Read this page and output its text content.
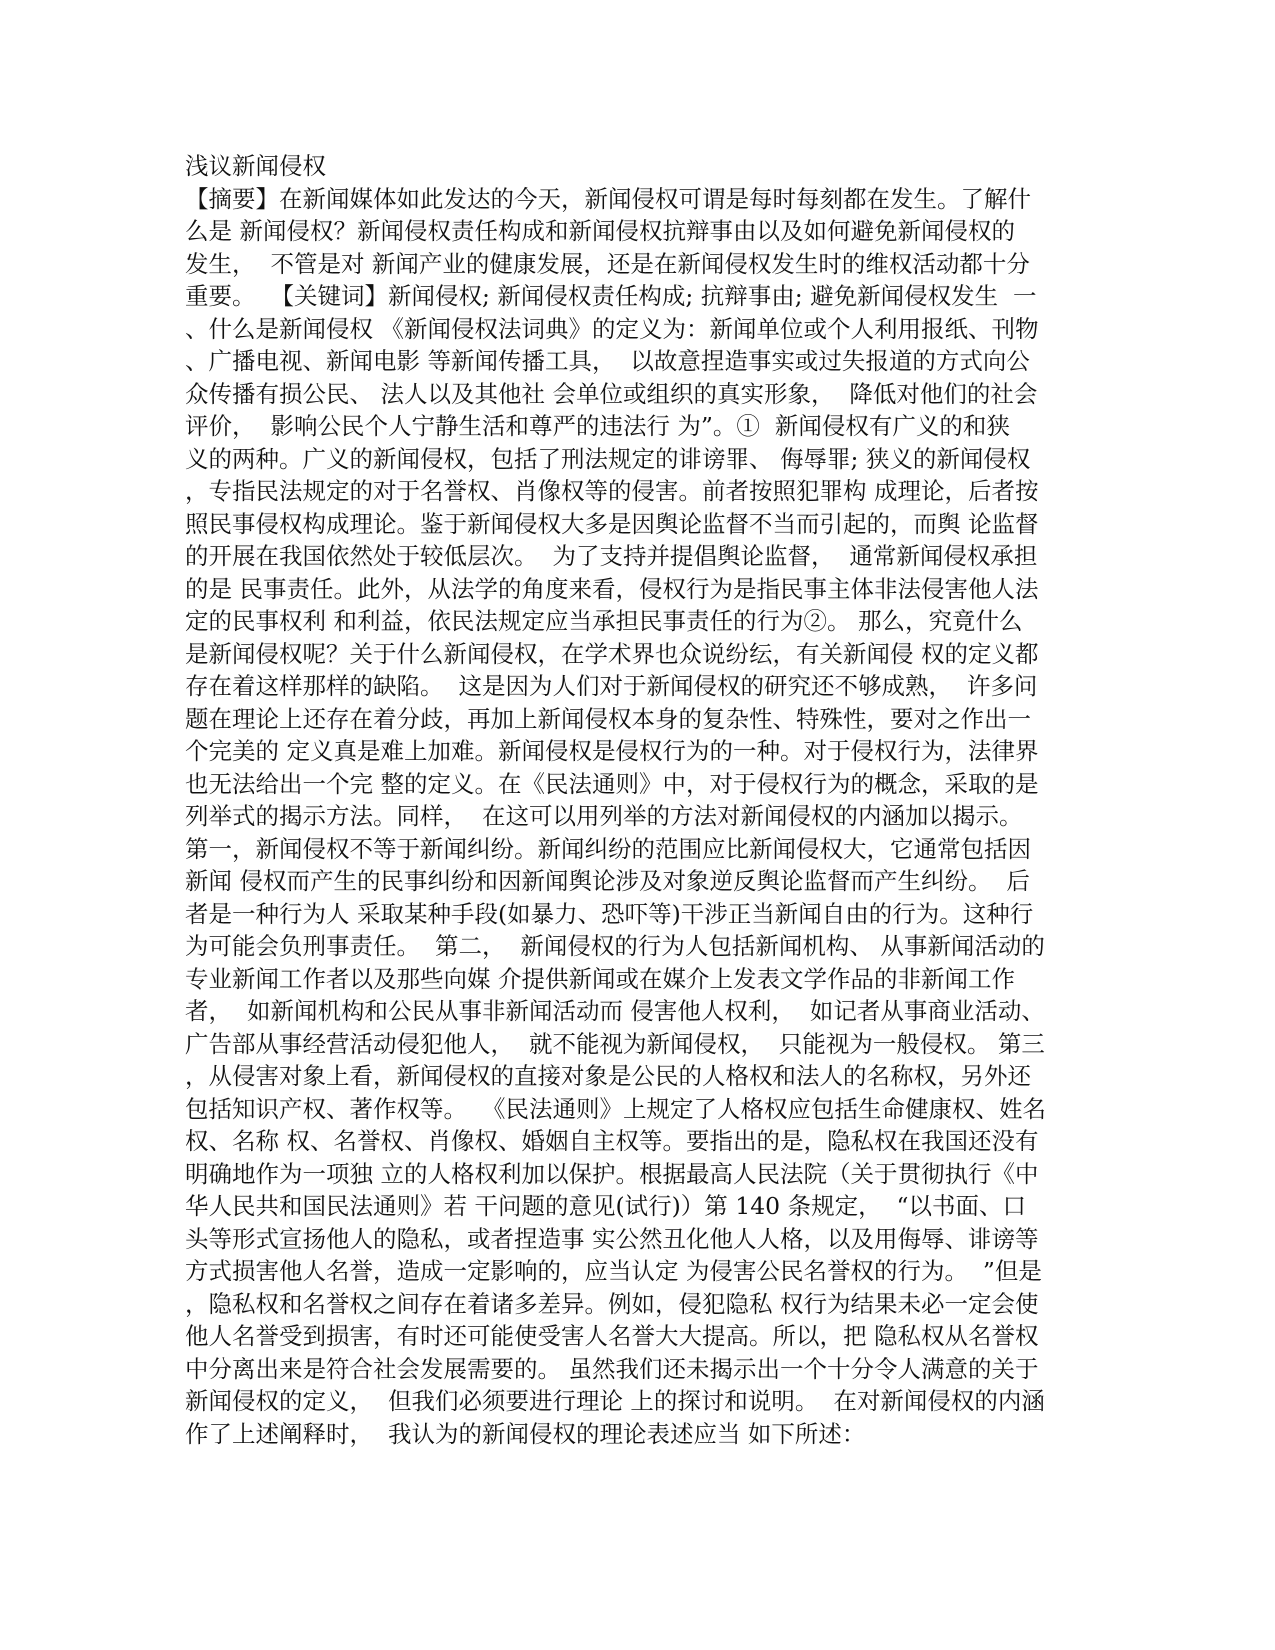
浅议新闻侵权
【摘要】在新闻媒体如此发达的今天，新闻侵权可谓是每时每刻都在发生。了解什
么是 新闻侵权？新闻侵权责任构成和新闻侵权抗辩事由以及如何避免新闻侵权的
发生，  不管是对 新闻产业的健康发展，还是在新闻侵权发生时的维权活动都十分
重要。  【关键词】新闻侵权; 新闻侵权责任构成; 抗辩事由; 避免新闻侵权发生  一
、什么是新闻侵权 《新闻侵权法词典》的定义为：新闻单位或个人利用报纸、刊物
、广播电视、新闻电影 等新闻传播工具，  以故意捏造事实或过失报道的方式向公
众传播有损公民、 法人以及其他社 会单位或组织的真实形象，  降低对他们的社会
评价，  影响公民个人宁静生活和尊严的违法行 为”。①  新闻侵权有广义的和狭
义的两种。广义的新闻侵权，包括了刑法规定的诽谤罪、 侮辱罪; 狭义的新闻侵权
，专指民法规定的对于名誉权、肖像权等的侵害。前者按照犯罪构 成理论，后者按
照民事侵权构成理论。鉴于新闻侵权大多是因舆论监督不当而引起的，而舆 论监督
的开展在我国依然处于较低层次。  为了支持并提倡舆论监督，  通常新闻侵权承担
的是 民事责任。此外，从法学的角度来看，侵权行为是指民事主体非法侵害他人法
定的民事权利 和利益，依民法规定应当承担民事责任的行为②。 那么，究竟什么
是新闻侵权呢？关于什么新闻侵权，在学术界也众说纷纭，有关新闻侵 权的定义都
存在着这样那样的缺陷。  这是因为人们对于新闻侵权的研究还不够成熟，  许多问
题在理论上还存在着分歧，再加上新闻侵权本身的复杂性、特殊性，要对之作出一
个完美的 定义真是难上加难。新闻侵权是侵权行为的一种。对于侵权行为，法律界
也无法给出一个完 整的定义。在《民法通则》中，对于侵权行为的概念，采取的是
列举式的揭示方法。同样，  在这可以用列举的方法对新闻侵权的内涵加以揭示。
第一，新闻侵权不等于新闻纠纷。新闻纠纷的范围应比新闻侵权大，它通常包括因
新闻 侵权而产生的民事纠纷和因新闻舆论涉及对象逆反舆论监督而产生纠纷。  后
者是一种行为人 采取某种手段(如暴力、恐吓等)干涉正当新闻自由的行为。这种行
为可能会负刑事责任。  第二，  新闻侵权的行为人包括新闻机构、 从事新闻活动的
专业新闻工作者以及那些向媒 介提供新闻或在媒介上发表文学作品的非新闻工作
者，  如新闻机构和公民从事非新闻活动而 侵害他人权利，  如记者从事商业活动、
广告部从事经营活动侵犯他人，  就不能视为新闻侵权，  只能视为一般侵权。 第三
，从侵害对象上看，新闻侵权的直接对象是公民的人格权和法人的名称权，另外还
包括知识产权、著作权等。  《民法通则》上规定了人格权应包括生命健康权、姓名
权、名称 权、名誉权、肖像权、婚姻自主权等。要指出的是，隐私权在我国还没有
明确地作为一项独 立的人格权利加以保护。根据最高人民法院（关于贯彻执行《中
华人民共和国民法通则》若 干问题的意见(试行)）第 140 条规定，  “以书面、口
头等形式宣扬他人的隐私，或者捏造事 实公然丑化他人人格，以及用侮辱、诽谤等
方式损害他人名誉，造成一定影响的，应当认定 为侵害公民名誉权的行为。  ”但是
，隐私权和名誉权之间存在着诸多差异。例如，侵犯隐私 权行为结果未必一定会使
他人名誉受到损害，有时还可能使受害人名誉大大提高。所以，把 隐私权从名誉权
中分离出来是符合社会发展需要的。 虽然我们还未揭示出一个十分令人满意的关于
新闻侵权的定义，  但我们必须要进行理论 上的探讨和说明。  在对新闻侵权的内涵
作了上述阐释时，  我认为的新闻侵权的理论表述应当 如下所述：
